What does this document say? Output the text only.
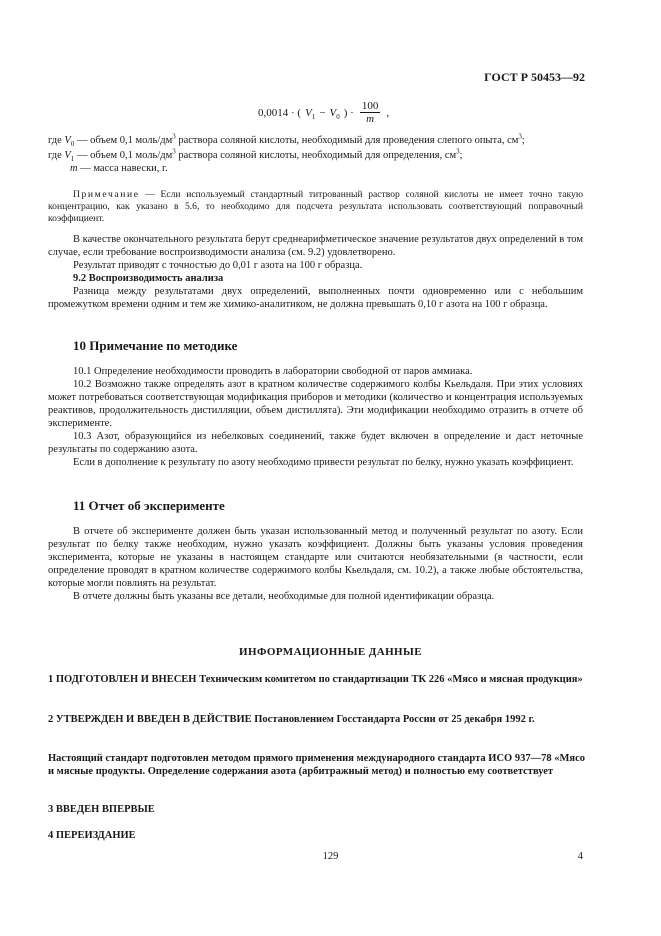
ГОСТ Р 50453—92
0,0014 · ( $V_1 - V_0$ ) · $\frac{100}{m}$ ,

где $V_0$ — объем 0,1 моль/$дм^3$ раствора соляной кислоты, необходимый для проведения слепого опыта, $см^3$;

где $V_1$ — объем 0,1 моль/$дм^3$ раствора соляной кислоты, необходимый для определения, $см^3$;

m — масса навески, г.

Примечание — Если используемый стандартный титрованный раствор соляной кислоты не имеет точно такую концентрацию, как указано в 5.6, то необходимо для подсчета результата использовать соответствующий поправочный коэффициент.

В качестве окончательного результата берут среднеарифметическое значение результатов двух определений в том случае, если требование воспроизводимости анализа (см. 9.2) удовлетворено.

Результат приводят с точностью до 0,01 г азота на 100 г образца.

9.2 Воспроизводимость анализа

Разница между результатами двух определений, выполненных почти одновременно или с небольшим промежутком времени одним и тем же химико-аналитиком, не должна превышать 0,10 г азота на 100 г образца.

10 Примечание по методике

10.1 Определение необходимости проводить в лаборатории свободной от паров аммиака.

10.2 Возможно также определять азот в кратном количестве содержимого колбы Кьельдаля. При этих условиях может потребоваться соответствующая модификация приборов и методики (количество и концентрация используемых реактивов, продолжительность дистилляции, объем дистиллята). Эти модификации необходимо отразить в отчете об эксперименте.

10.3 Азот, образующийся из небелковых соединений, также будет включен в определение и даст неточные результаты по содержанию азота.

Если в дополнение к результату по азоту необходимо привести результат по белку, нужно указать коэффициент.

11 Отчет об эксперименте

В отчете об эксперименте должен быть указан использованный метод и полученный результат по азоту. Если результат по белку также необходим, нужно указать коэффициент. Должны быть указаны условия проведения эксперимента, которые не указаны в настоящем стандарте или считаются необязательными (в частности, если определение проводят в кратном количестве содержимого колбы Кьельдаля, см. 10.2), а также любые обстоятельства, которые могли повлиять на результат.

В отчете должны быть указаны все детали, необходимые для полной идентификации образца.

ИНФОРМАЦИОННЫЕ ДАННЫЕ
1 ПОДГОТОВЛЕН И ВНЕСЕН Техническим комитетом по стандартизации ТК 226 «Мясо и мясная продукция»
2 УТВЕРЖДЕН И ВВЕДЕН В ДЕЙСТВИЕ Постановлением Госстандарта России от 25 декабря 1992 г.
Настоящий стандарт подготовлен методом прямого применения международного стандарта ИСО 937—78 «Мясо и мясные продукты. Определение содержания азота (арбитражный метод) и полностью ему соответствует
3 ВВЕДЕН ВПЕРВЫЕ
4 ПЕРЕИЗДАНИЕ
129	4
